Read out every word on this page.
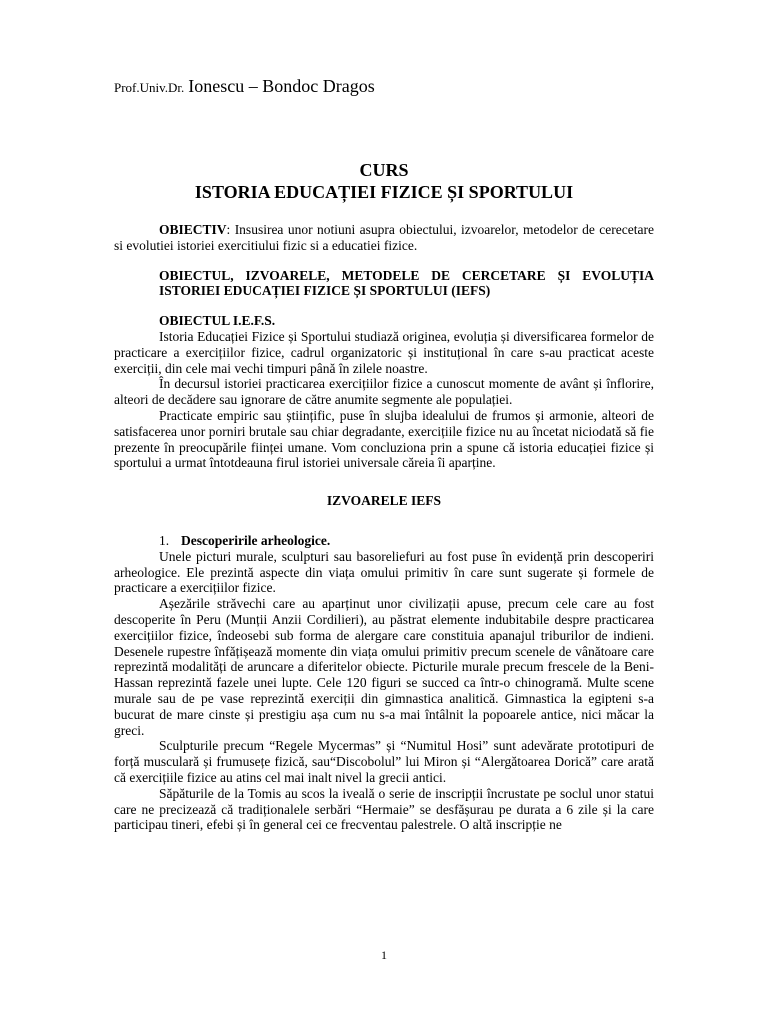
Prof.Univ.Dr. Ionescu – Bondoc Dragos
CURS
ISTORIA EDUCAȚIEI FIZICE ȘI SPORTULUI

OBIECTIV: Insusirea unor notiuni asupra obiectului, izvoarelor, metodelor de cerecetare si evolutiei istoriei exercitiului fizic si a educatiei fizice.

OBIECTUL, IZVOARELE, METODELE DE CERCETARE ȘI EVOLUȚIA ISTORIEI EDUCAȚIEI FIZICE ȘI SPORTULUI (IEFS)

OBIECTUL I.E.F.S.

Istoria Educației Fizice și Sportului studiază originea, evoluția și diversificarea formelor de practicare a exercițiilor fizice, cadrul organizatoric și instituțional în care s-au practicat aceste exerciții, din cele mai vechi timpuri până în zilele noastre.

În decursul istoriei practicarea exercițiilor fizice a cunoscut momente de avânt și înflorire, alteori de decădere sau ignorare de către anumite segmente ale populației.

Practicate empiric sau științific, puse în slujba idealului de frumos și armonie, alteori de satisfacerea unor porniri brutale sau chiar degradante, exercițiile fizice nu au încetat niciodată să fie prezente în preocupările ființei umane. Vom concluziona prin a spune că istoria educației fizice și sportului a urmat întotdeauna firul istoriei universale căreia îi aparține.

IZVOARELE IEFS

1. Descoperirile arheologice.

Unele picturi murale, sculpturi sau basoreliefuri au fost puse în evidență prin descoperiri arheologice. Ele prezintă aspecte din viața omului primitiv în care sunt sugerate și formele de practicare a exercițiilor fizice.

Așezările străvechi care au aparținut unor civilizații apuse, precum cele care au fost descoperite în Peru (Munții Anzii Cordilieri), au păstrat elemente indubitabile despre practicarea exercițiilor fizice, îndeosebi sub forma de alergare care constituia apanajul triburilor de indieni. Desenele rupestre înfățișează momente din viața omului primitiv precum scenele de vânătoare care reprezintă modalități de aruncare a diferitelor obiecte. Picturile murale precum frescele de la Beni-Hassan reprezintă fazele unei lupte. Cele 120 figuri se succed ca într-o chinogramă. Multe scene murale sau de pe vase reprezintă exerciții din gimnastica analitică. Gimnastica la egipteni s-a bucurat de mare cinste și prestigiu așa cum nu s-a mai întâlnit la popoarele antice, nici măcar la greci.

Sculpturile precum “Regele Mycermas” și “Numitul Hosi” sunt adevărate prototipuri de forță musculară și frumusețe fizică, sau“Discobolul” lui Miron și “Alergătoarea Dorică” care arată că exercițiile fizice au atins cel mai inalt nivel la grecii antici.

Săpăturile de la Tomis au scos la iveală o serie de inscripții încrustate pe soclul unor statui care ne precizează că tradiționalele serbări “Hermaie” se desfășurau pe durata a 6 zile și la care participau tineri, efebi și în general cei ce frecventau palestrele. O altă inscripție ne

1
